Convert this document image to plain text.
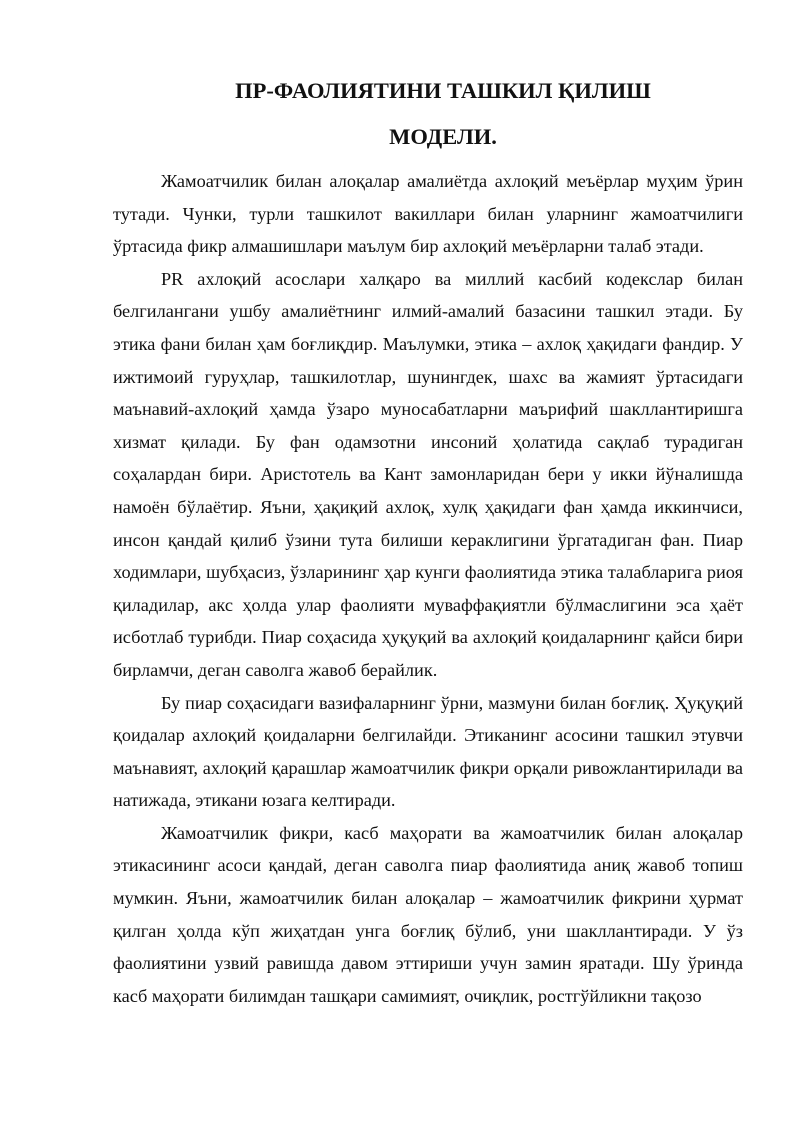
ПР-ФАОЛИЯТИНИ ТАШКИЛ ҚИЛИШ
МОДЕЛИ.

Жамоатчилик билан алоқалар амалиётда ахлоқий меъёрлар муҳим ўрин тутади. Чунки, турли ташкилот вакиллари билан уларнинг жамоатчилиги ўртасида фикр алмашишлари маълум бир ахлоқий меъёрларни талаб этади.

PR ахлоқий асослари халқаро ва миллий касбий кодекслар билан белгилангани ушбу амалиётнинг илмий-амалий базасини ташкил этади. Бу этика фани билан ҳам боғлиқдир. Маълумки, этика – ахлоқ ҳақидаги фандир. У ижтимоий гуруҳлар, ташкилотлар, шунингдек, шахс ва жамият ўртасидаги маънавий-ахлоқий ҳамда ўзаро муносабатларни маърифий шакллантиришга хизмат қилади. Бу фан одамзотни инсоний ҳолатида сақлаб турадиган соҳалардан бири. Аристотель ва Кант замонларидан бери у икки йўналишда намоён бўлаётир. Яъни, ҳақиқий ахлоқ, хулқ ҳақидаги фан ҳамда иккинчиси, инсон қандай қилиб ўзини тута билиши кераклигини ўргатадиган фан. Пиар ходимлари, шубҳасиз, ўзларининг ҳар кунги фаолиятида этика талабларига риоя қиладилар, акс ҳолда улар фаолияти муваффақиятли бўлмаслигини эса ҳаёт исботлаб турибди. Пиар соҳасида ҳуқуқий ва ахлоқий қоидаларнинг қайси бири бирламчи, деган саволга жавоб берайлик.

Бу пиар соҳасидаги вазифаларнинг ўрни, мазмуни билан боғлиқ. Ҳуқуқий қоидалар ахлоқий қоидаларни белгилайди. Этиканинг асосини ташкил этувчи маънавият, ахлоқий қарашлар жамоатчилик фикри орқали ривожлантирилади ва натижада, этикани юзага келтиради.

Жамоатчилик фикри, касб маҳорати ва жамоатчилик билан алоқалар этикасининг асоси қандай, деган саволга пиар фаолиятида аниқ жавоб топиш мумкин. Яъни, жамоатчилик билан алоқалар – жамоатчилик фикрини ҳурмат қилган ҳолда кўп жиҳатдан унга боғлиқ бўлиб, уни шакллантиради. У ўз фаолиятини узвий равишда давом эттириши учун замин яратади. Шу ўринда касб маҳорати билимдан ташқари самимият, очиқлик, ростгўйликни тақозо
